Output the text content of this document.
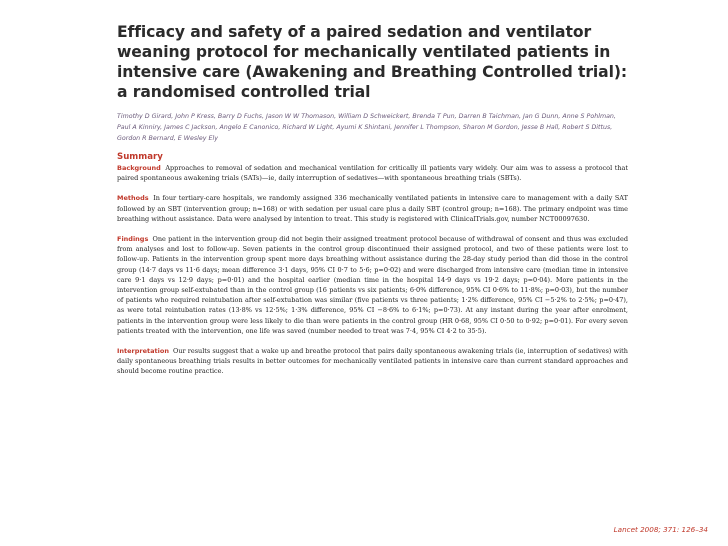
Efficacy and safety of a paired sedation and ventilator weaning protocol for mechanically ventilated patients in intensive care (Awakening and Breathing Controlled trial): a randomised controlled trial

Timothy D Girard, John P Kress, Barry D Fuchs, Jason W W Thomason, William D Schweickert, Brenda T Pun, Darren B Taichman, Jan G Dunn, Anne S Pohlman, Paul A Kinniry, James C Jackson, Angelo E Canonico, Richard W Light, Ayumi K Shintani, Jennifer L Thompson, Sharon M Gordon, Jesse B Hall, Robert S Dittus, Gordon R Bernard, E Wesley Ely

Summary

Background Approaches to removal of sedation and mechanical ventilation for critically ill patients vary widely. Our aim was to assess a protocol that paired spontaneous awakening trials (SATs)—ie, daily interruption of sedatives—with spontaneous breathing trials (SBTs).

Methods In four tertiary-care hospitals, we randomly assigned 336 mechanically ventilated patients in intensive care to management with a daily SAT followed by an SBT (intervention group; n=168) or with sedation per usual care plus a daily SBT (control group; n=168). The primary endpoint was time breathing without assistance. Data were analysed by intention to treat. This study is registered with ClinicalTrials.gov, number NCT00097630.

Findings One patient in the intervention group did not begin their assigned treatment protocol because of withdrawal of consent and thus was excluded from analyses and lost to follow-up. Seven patients in the control group discontinued their assigned protocol, and two of these patients were lost to follow-up. Patients in the intervention group spent more days breathing without assistance during the 28-day study period than did those in the control group (14·7 days vs 11·6 days; mean difference 3·1 days, 95% CI 0·7 to 5·6; p=0·02) and were discharged from intensive care (median time in intensive care 9·1 days vs 12·9 days; p=0·01) and the hospital earlier (median time in the hospital 14·9 days vs 19·2 days; p=0·04). More patients in the intervention group self-extubated than in the control group (16 patients vs six patients; 6·0% difference, 95% CI 0·6% to 11·8%; p=0·03), but the number of patients who required reintubation after self-extubation was similar (five patients vs three patients; 1·2% difference, 95% CI −5·2% to 2·5%; p=0·47), as were total reintubation rates (13·8% vs 12·5%; 1·3% difference, 95% CI −8·6% to 6·1%; p=0·73). At any instant during the year after enrolment, patients in the intervention group were less likely to die than were patients in the control group (HR 0·68, 95% CI 0·50 to 0·92; p=0·01). For every seven patients treated with the intervention, one life was saved (number needed to treat was 7·4, 95% CI 4·2 to 35·5).

Interpretation Our results suggest that a wake up and breathe protocol that pairs daily spontaneous awakening trials (ie, interruption of sedatives) with daily spontaneous breathing trials results in better outcomes for mechanically ventilated patients in intensive care than current standard approaches and should become routine practice.

Lancet 2008; 371: 126–34
